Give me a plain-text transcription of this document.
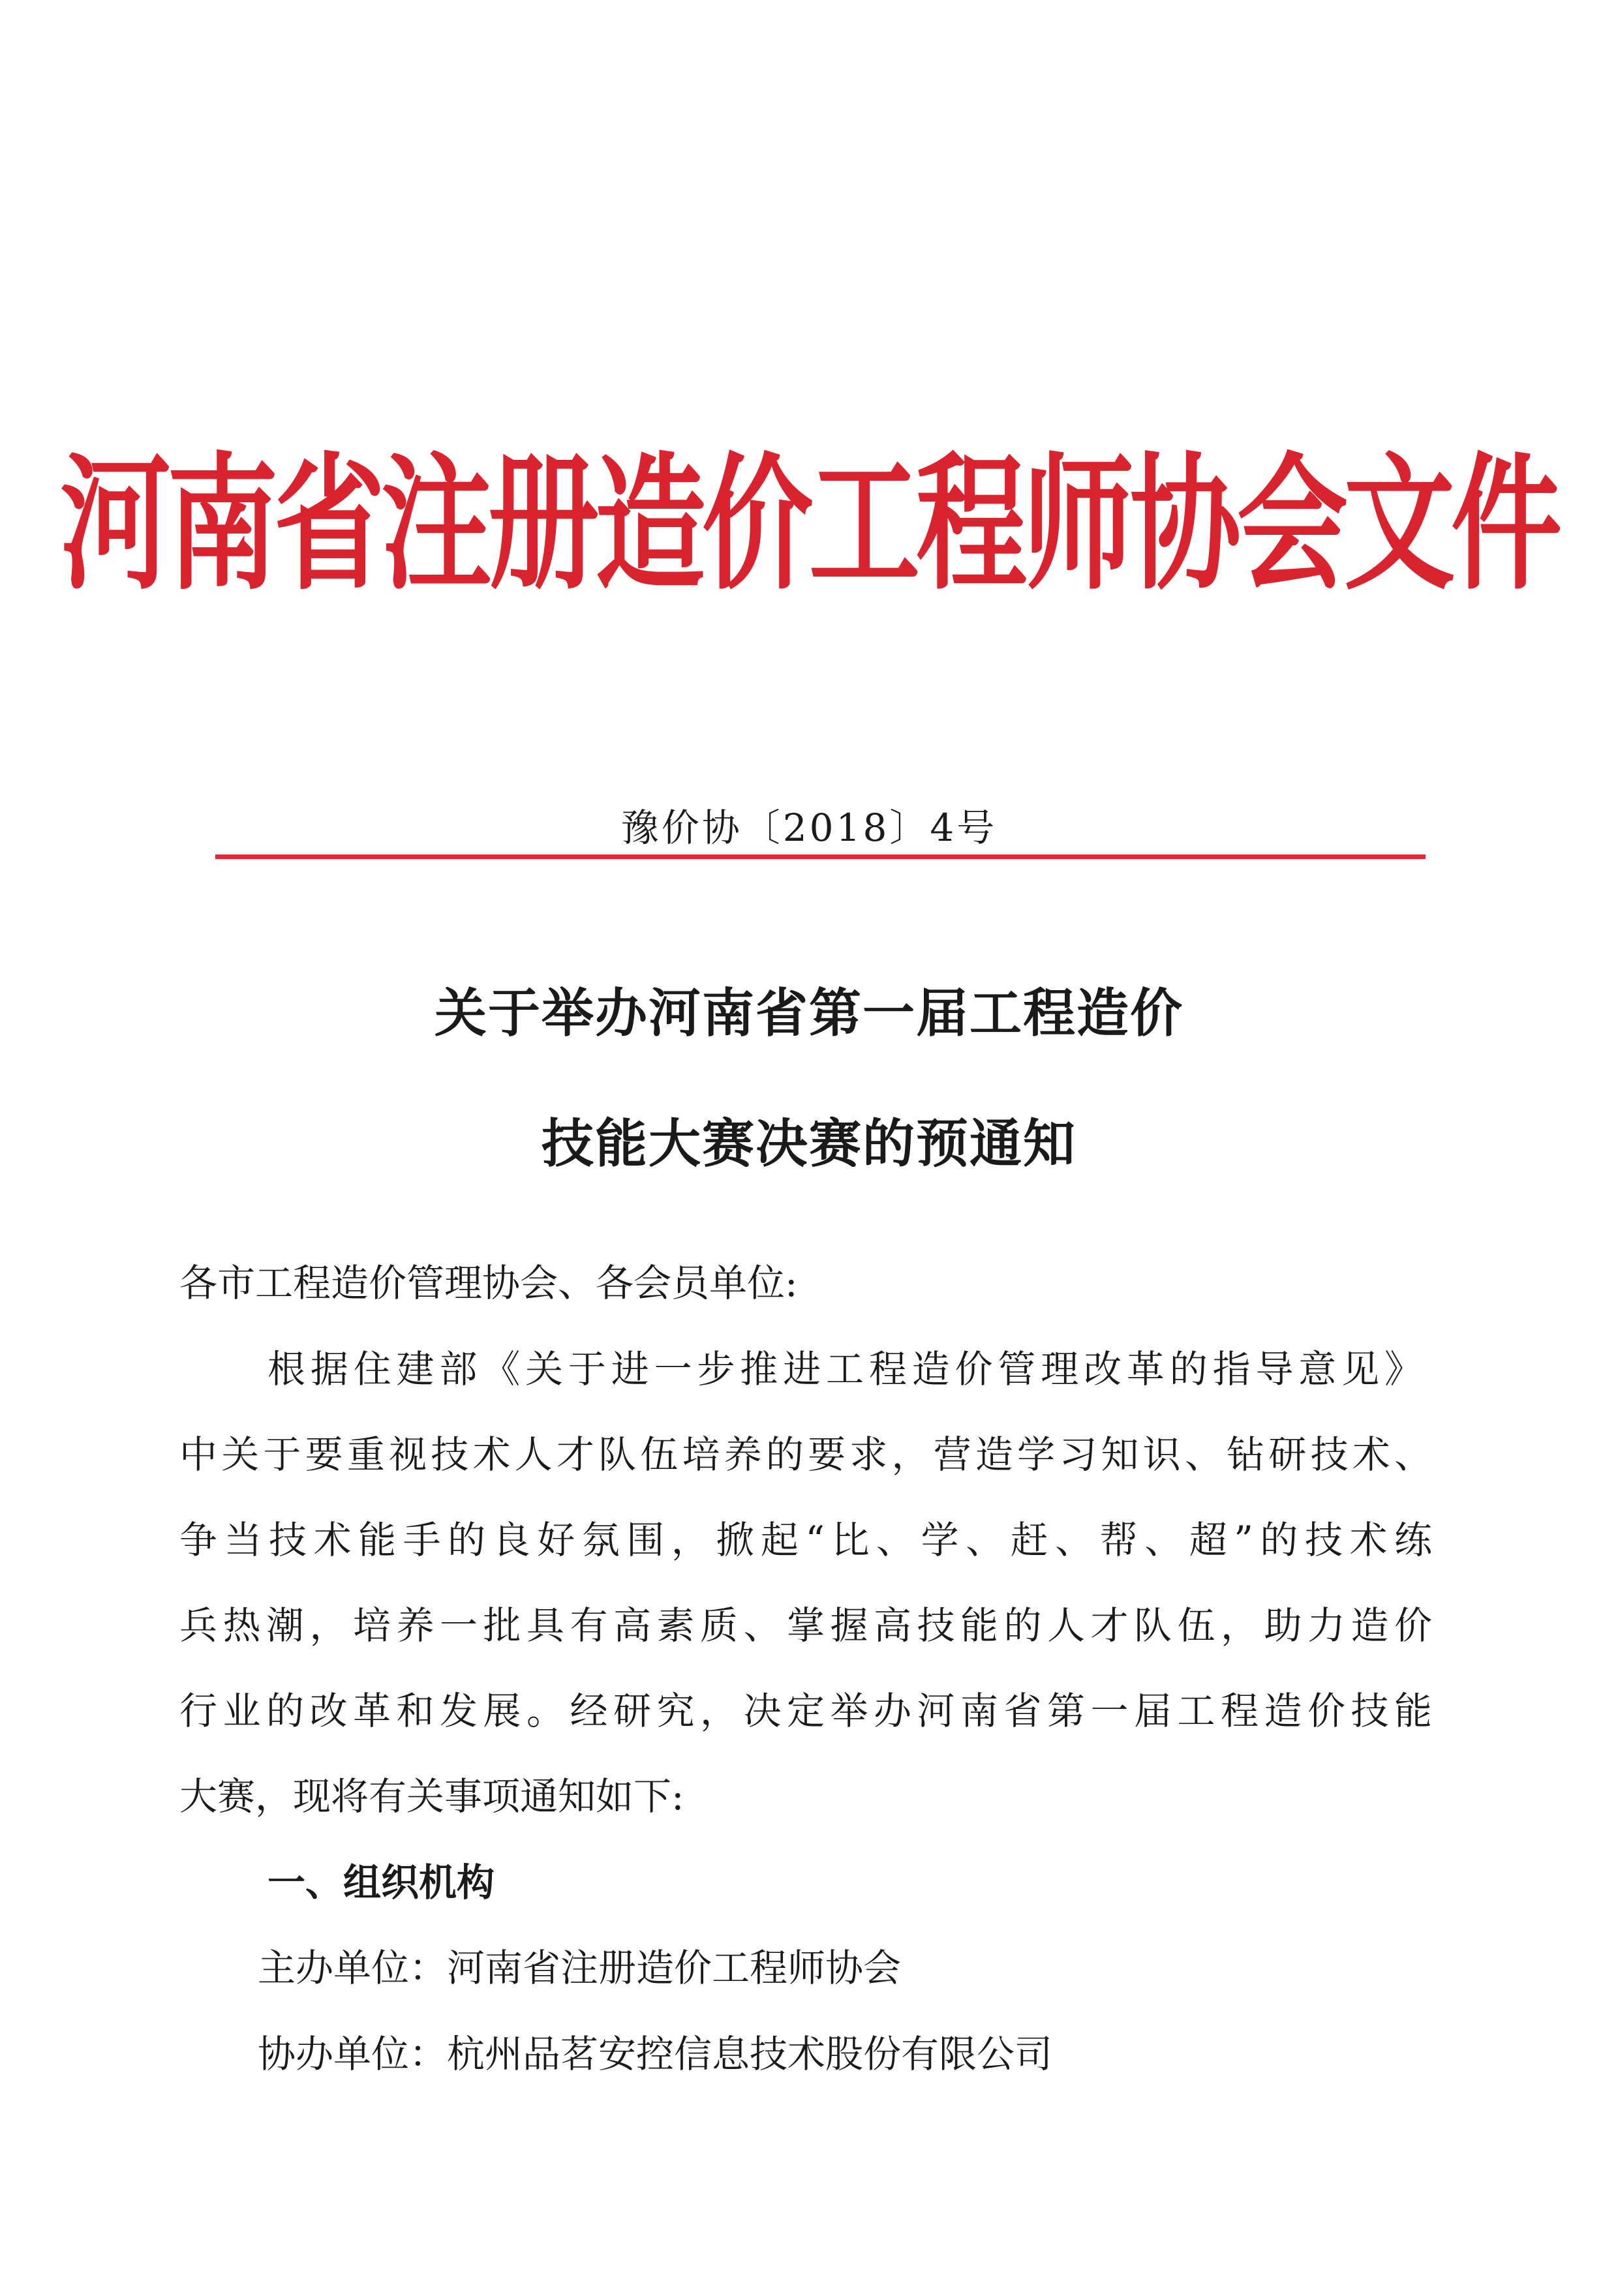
河南省注册造价工程师协会文件
豫价协〔2018〕4号
关于举办河南省第一届工程造价
技能大赛决赛的预通知
各市工程造价管理协会、各会员单位:
根据住建部《关于进一步推进工程造价管理改革的指导意见》
中关于要重视技术人才队伍培养的要求，营造学习知识、钻研技术、
争当技术能手的良好氛围，掀起“比、学、赶、帮、超”的技术练
兵热潮，培养一批具有高素质、掌握高技能的人才队伍，助力造价
行业的改革和发展。经研究，决定举办河南省第一届工程造价技能
大赛，现将有关事项通知如下:
一、组织机构
主办单位：河南省注册造价工程师协会
协办单位：杭州品茗安控信息技术股份有限公司
